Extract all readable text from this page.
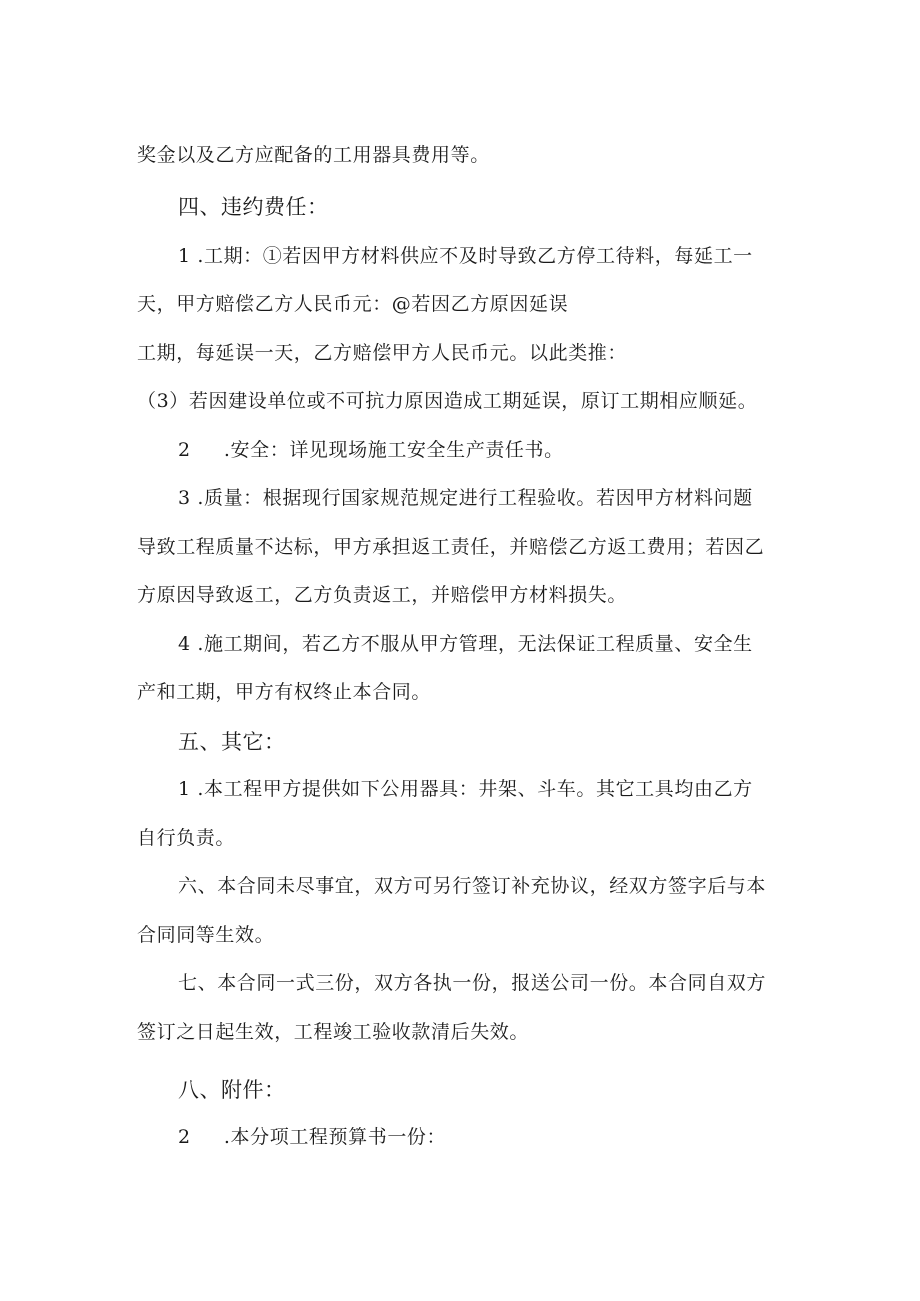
奖金以及乙方应配备的工用器具费用等。
四、违约费任：
1 .工期：①若因甲方材料供应不及时导致乙方停工待料，每延工一
天，甲方赔偿乙方人民币元：@若因乙方原因延误
工期，每延误一天，乙方赔偿甲方人民币元。以此类推：
（3）若因建设单位或不可抗力原因造成工期延误，原订工期相应顺延。
2     .安全：详见现场施工安全生产责任书。
3 .质量：根据现行国家规范规定进行工程验收。若因甲方材料问题
导致工程质量不达标，甲方承担返工责任，并赔偿乙方返工费用；若因乙
方原因导致返工，乙方负责返工，并赔偿甲方材料损失。
4 .施工期间，若乙方不服从甲方管理，无法保证工程质量、安全生
产和工期，甲方有权终止本合同。
五、其它：
1 .本工程甲方提供如下公用器具：井架、斗车。其它工具均由乙方
自行负责。
六、本合同未尽事宜，双方可另行签订补充协议，经双方签字后与本
合同同等生效。
七、本合同一式三份，双方各执一份，报送公司一份。本合同自双方
签订之日起生效，工程竣工验收款清后失效。
八、附件：
2     .本分项工程预算书一份：
